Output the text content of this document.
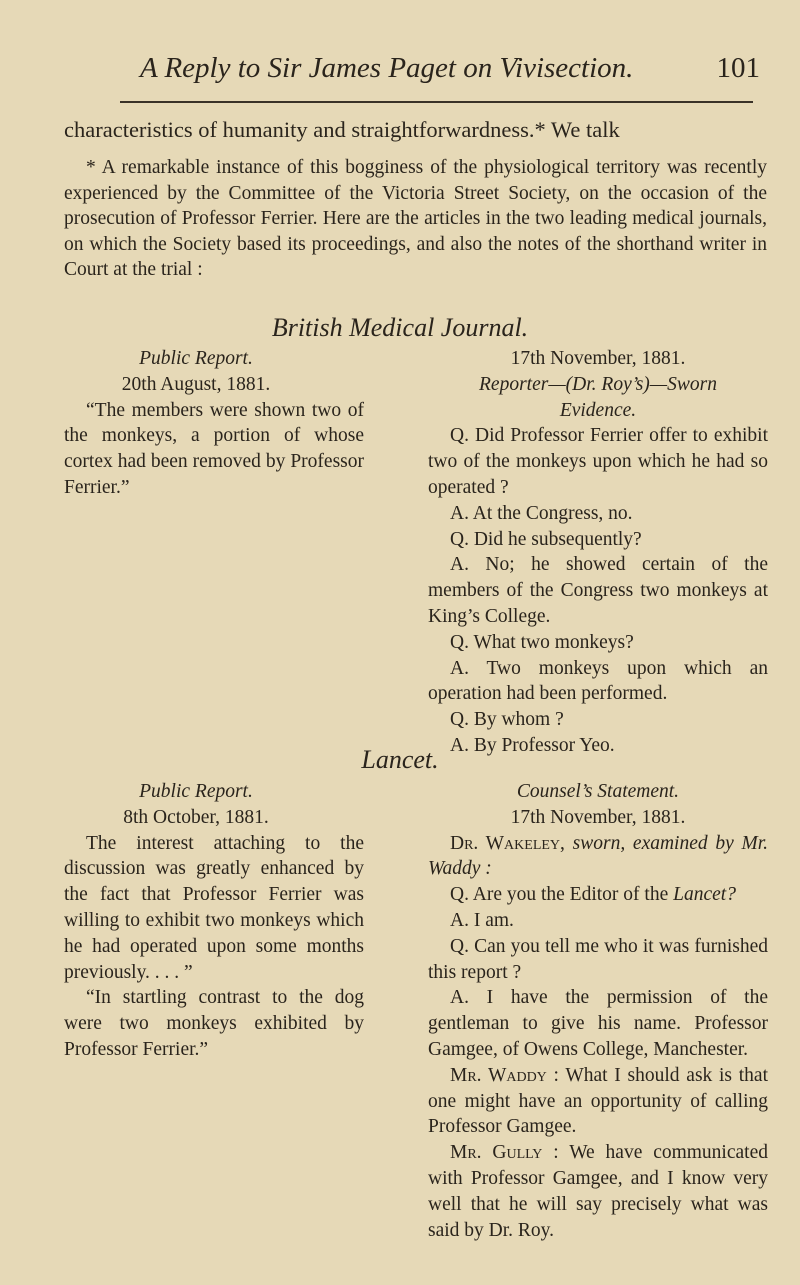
A Reply to Sir James Paget on Vivisection.	101
characteristics of humanity and straightforwardness.* We talk

* A remarkable instance of this bogginess of the physiological territory was recently experienced by the Committee of the Victoria Street Society, on the occasion of the prosecution of Professor Ferrier. Here are the articles in the two leading medical journals, on which the Society based its proceedings, and also the notes of the shorthand writer in Court at the trial :

British Medical Journal.

Public Report.

20th August, 1881.

“The members were shown two of the monkeys, a portion of whose cortex had been removed by Professor Ferrier.”

17th November, 1881.

Reporter—(Dr. Roy’s)—Sworn

Evidence.

Q. Did Professor Ferrier offer to exhibit two of the monkeys upon which he had so operated ?

A. At the Congress, no.

Q. Did he subsequently?

A. No; he showed certain of the members of the Congress two monkeys at King’s College.

Q. What two monkeys?

A. Two monkeys upon which an operation had been performed.

Q. By whom ?

A. By Professor Yeo.

Lancet.

Public Report.

8th October, 1881.

The interest attaching to the discussion was greatly enhanced by the fact that Professor Ferrier was willing to exhibit two monkeys which he had operated upon some months previously. . . . ”

“In startling contrast to the dog were two monkeys exhibited by Professor Ferrier.”

Counsel’s Statement.

17th November, 1881.

Dr. Wakeley, sworn, examined by Mr. Waddy :

Q. Are you the Editor of the Lancet?

A. I am.

Q. Can you tell me who it was furnished this report ?

A. I have the permission of the gentleman to give his name. Professor Gamgee, of Owens College, Manchester.

Mr. Waddy : What I should ask is that one might have an opportunity of calling Professor Gamgee.

Mr. Gully : We have communicated with Professor Gamgee, and I know very well that he will say precisely what was said by Dr. Roy.
